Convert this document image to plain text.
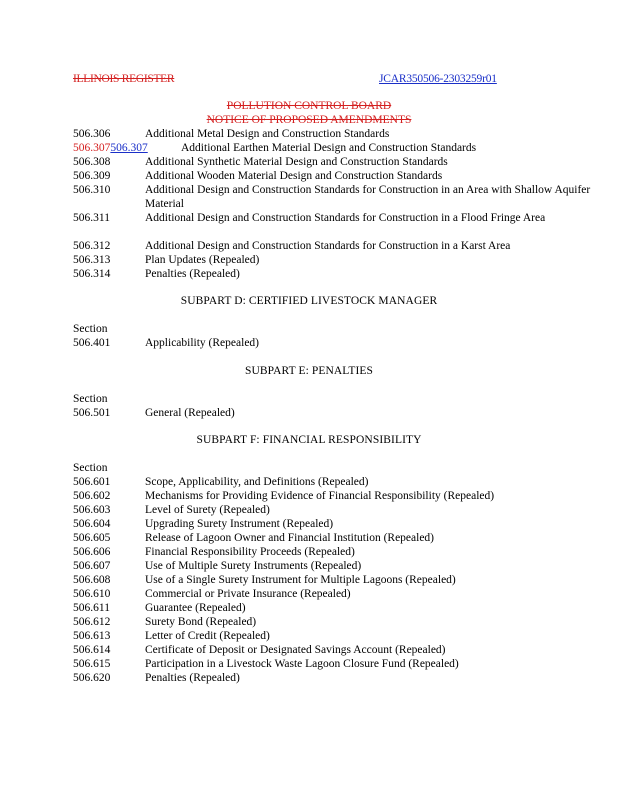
ILLINOIS REGISTER	JCAR350506-2303259r01
POLLUTION CONTROL BOARD
NOTICE OF PROPOSED AMENDMENTS
506.306	Additional Metal Design and Construction Standards
506.307506.307	Additional Earthen Material Design and Construction Standards
506.308	Additional Synthetic Material Design and Construction Standards
506.309	Additional Wooden Material Design and Construction Standards
506.310	Additional Design and Construction Standards for Construction in an Area with Shallow Aquifer Material
506.311	Additional Design and Construction Standards for Construction in a Flood Fringe Area
506.312	Additional Design and Construction Standards for Construction in a Karst Area
506.313	Plan Updates (Repealed)
506.314	Penalties (Repealed)
SUBPART D: CERTIFIED LIVESTOCK MANAGER
Section
506.401	Applicability (Repealed)
SUBPART E: PENALTIES
Section
506.501	General (Repealed)
SUBPART F: FINANCIAL RESPONSIBILITY
Section
506.601	Scope, Applicability, and Definitions (Repealed)
506.602	Mechanisms for Providing Evidence of Financial Responsibility (Repealed)
506.603	Level of Surety (Repealed)
506.604	Upgrading Surety Instrument (Repealed)
506.605	Release of Lagoon Owner and Financial Institution (Repealed)
506.606	Financial Responsibility Proceeds (Repealed)
506.607	Use of Multiple Surety Instruments (Repealed)
506.608	Use of a Single Surety Instrument for Multiple Lagoons (Repealed)
506.610	Commercial or Private Insurance (Repealed)
506.611	Guarantee (Repealed)
506.612	Surety Bond (Repealed)
506.613	Letter of Credit (Repealed)
506.614	Certificate of Deposit or Designated Savings Account (Repealed)
506.615	Participation in a Livestock Waste Lagoon Closure Fund (Repealed)
506.620	Penalties (Repealed)
